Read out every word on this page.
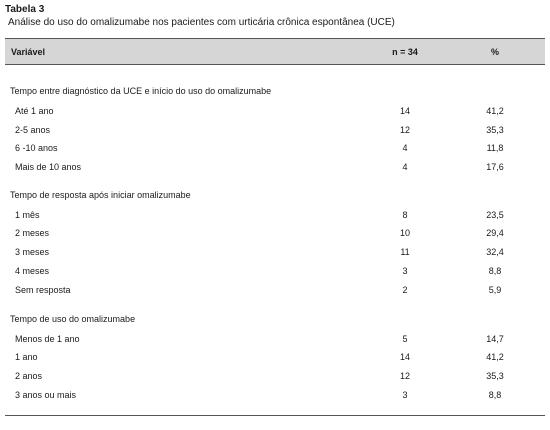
Tabela 3
Análise do uso do omalizumabe nos pacientes com urticária crônica espontânea (UCE)
Variável	n = 34	%
Tempo entre diagnóstico da UCE e início do uso do omalizumabe
Até 1 ano	14	41,2
2-5 anos	12	35,3
6 -10 anos	4	11,8
Mais de 10 anos	4	17,6
Tempo de resposta após iniciar omalizumabe
1 mês	8	23,5
2 meses	10	29,4
3 meses	11	32,4
4 meses	3	8,8
Sem resposta	2	5,9
Tempo de uso do omalizumabe
Menos de 1 ano	5	14,7
1 ano	14	41,2
2 anos	12	35,3
3 anos ou mais	3	8,8
